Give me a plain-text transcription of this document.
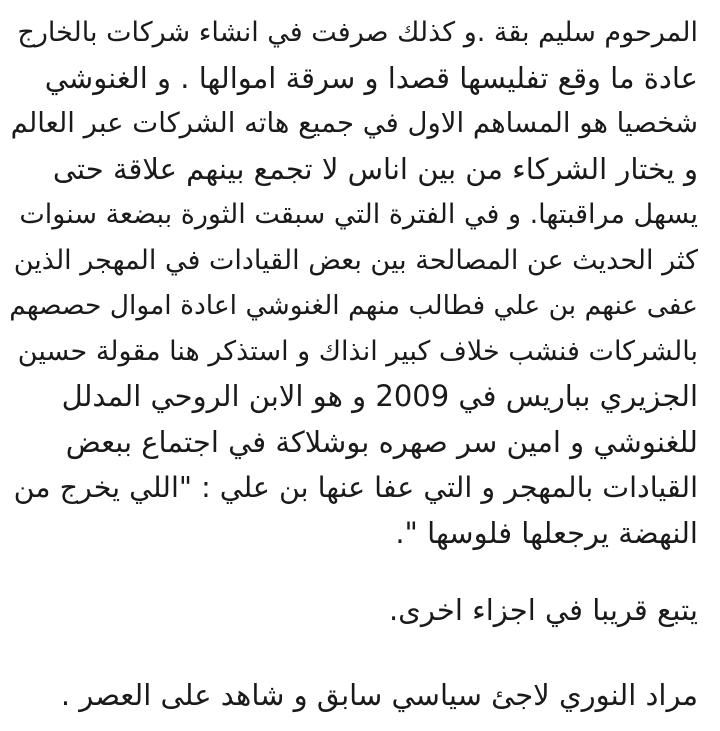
المرحوم سليم بقة .و كذلك صرفت في انشاء شركات بالخارج
عادة ما وقع تفليسها قصدا و سرقة اموالها . و الغنوشي
شخصيا هو المساهم الاول في جميع هاته الشركات عبر العالم
و يختار الشركاء من بين اناس لا تجمع بينهم علاقة حتى
يسهل مراقبتها. و في الفترة التي سبقت الثورة ببضعة سنوات
كثر الحديث عن المصالحة بين بعض القيادات في المهجر الذين
عفى عنهم بن علي فطالب منهم الغنوشي اعادة اموال حصصهم
بالشركات فنشب خلاف كبير انذاك و استذكر هنا مقولة حسين
الجزيري بباريس في 2009 و هو الابن الروحي المدلل
للغنوشي و امين سر صهره بوشلاكة في اجتماع ببعض
القيادات بالمهجر و التي عفا عنها بن علي : "اللي يخرج من
النهضة يرجعلها فلوسها ".
يتبع قريبا في اجزاء اخرى.
مراد النوري لاجئ سياسي سابق و شاهد على العصر .
